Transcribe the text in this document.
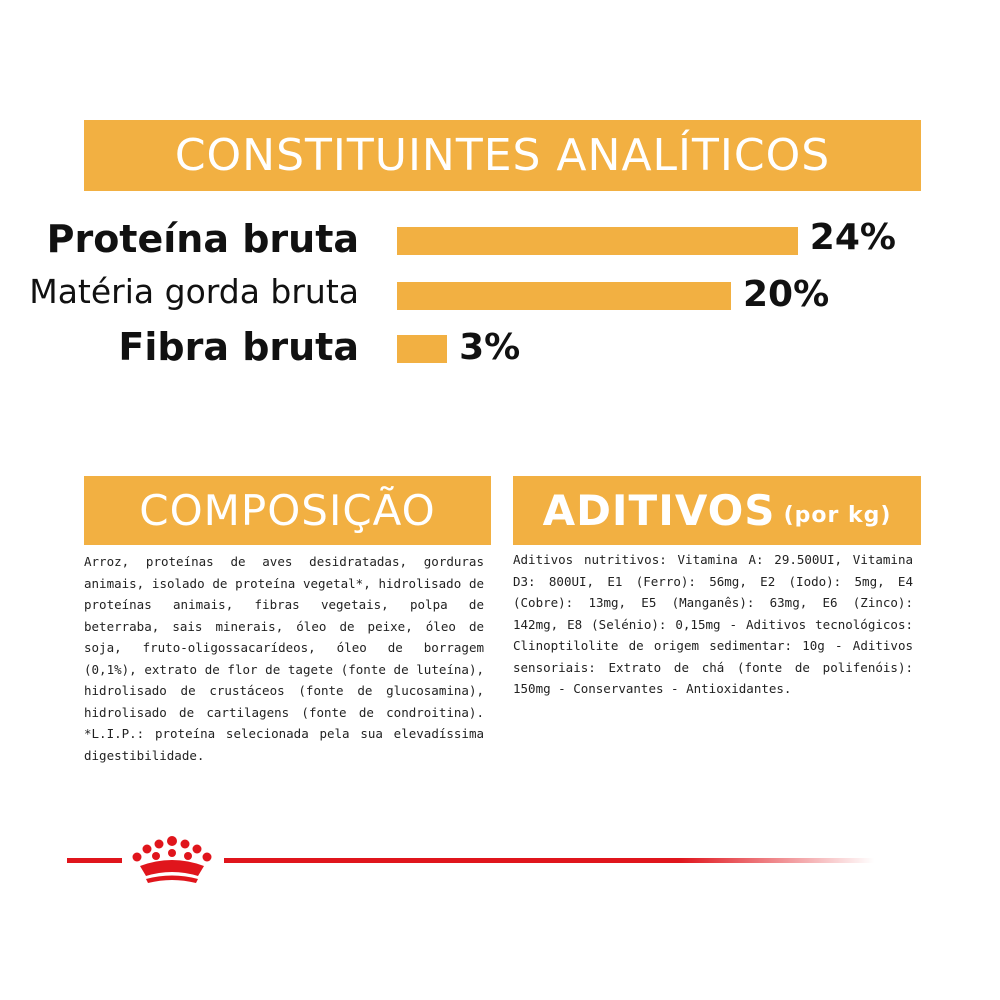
CONSTITUINTES ANALÍTICOS
Proteína bruta	24%
Matéria gorda bruta	20%
Fibra bruta	3%
COMPOSIÇÃO
Arroz, proteínas de aves desidratadas, gorduras animais, isolado de proteína vegetal*, hidrolisado de proteínas animais, fibras vegetais, polpa de beterraba, sais minerais, óleo de peixe, óleo de soja, fruto-oligossacarídeos, óleo de borragem (0,1%), extrato de flor de tagete (fonte de luteína), hidrolisado de crustáceos (fonte de glucosamina), hidrolisado de cartilagens (fonte de condroitina). *L.I.P.: proteína selecionada pela sua elevadíssima digestibilidade.
ADITIVOS (por kg)
Aditivos nutritivos: Vitamina A: 29.500UI, Vitamina D3: 800UI, E1 (Ferro): 56mg, E2 (Iodo): 5mg, E4 (Cobre): 13mg, E5 (Manganês): 63mg, E6 (Zinco): 142mg, E8 (Selénio): 0,15mg - Aditivos tecnológicos: Clinoptilolite de origem sedimentar: 10g - Aditivos sensoriais: Extrato de chá (fonte de polifenóis): 150mg - Conservantes - Antioxidantes.
